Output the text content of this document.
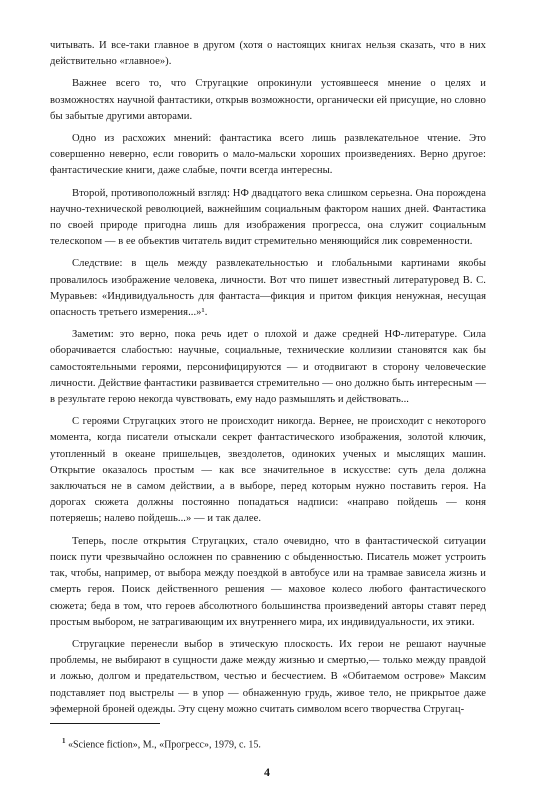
читывать. И все-таки главное в другом (хотя о настоящих книгах нельзя сказать, что в них действительно «главное»).

Важнее всего то, что Стругацкие опрокинули устоявшееся мнение о целях и возможностях научной фантастики, открыв возможности, органически ей присущие, но словно бы забытые другими авторами.

Одно из расхожих мнений: фантастика всего лишь развлекательное чтение. Это совершенно неверно, если говорить о мало-мальски хороших произведениях. Верно другое: фантастические книги, даже слабые, почти всегда интересны.

Второй, противоположный взгляд: НФ двадцатого века слишком серьезна. Она порождена научно-технической революцией, важнейшим социальным фактором наших дней. Фантастика по своей природе пригодна лишь для изображения прогресса, она служит социальным телескопом — в ее объектив читатель видит стремительно меняющийся лик современности.

Следствие: в щель между развлекательностью и глобальными картинами якобы провалилось изображение человека, личности. Вот что пишет известный литературовед В. С. Муравьев: «Индивидуальность для фантаста—фикция и притом фикция ненужная, несущая опасность третьего измерения...»¹.

Заметим: это верно, пока речь идет о плохой и даже средней НФ-литературе. Сила оборачивается слабостью: научные, социальные, технические коллизии становятся как бы самостоятельными героями, персонифицируются — и отодвигают в сторону человеческие личности. Действие фантастики развивается стремительно — оно должно быть интересным — в результате герою некогда чувствовать, ему надо размышлять и действовать...

С героями Стругацких этого не происходит никогда. Вернее, не происходит с некоторого момента, когда писатели отыскали секрет фантастического изображения, золотой ключик, утопленный в океане пришельцев, звездолетов, одиноких ученых и мыслящих машин. Открытие оказалось простым — как все значительное в искусстве: суть дела должна заключаться не в самом действии, а в выборе, перед которым нужно поставить героя. На дорогах сюжета должны постоянно попадаться надписи: «направо пойдешь — коня потеряешь; налево пойдешь...» — и так далее.

Теперь, после открытия Стругацких, стало очевидно, что в фантастической ситуации поиск пути чрезвычайно осложнен по сравнению с обыденностью. Писатель может устроить так, чтобы, например, от выбора между поездкой в автобусе или на трамвае зависела жизнь и смерть героя. Поиск действенного решения — маховое колесо любого фантастического сюжета; беда в том, что героев абсолютного большинства произведений авторы ставят перед простым выбором, не затрагивающим их внутреннего мира, их индивидуальности, их этики.

Стругацкие перенесли выбор в этическую плоскость. Их герои не решают научные проблемы, не выбирают в сущности даже между жизнью и смертью,— только между правдой и ложью, долгом и предательством, честью и бесчестием. В «Обитаемом острове» Максим подставляет под выстрелы — в упор — обнаженную грудь, живое тело, не прикрытое даже эфемерной броней одежды. Эту сцену можно считать символом всего творчества Стругац-

$^1$ «Science fiction», М., «Прогресс», 1979, с. 15.
4
